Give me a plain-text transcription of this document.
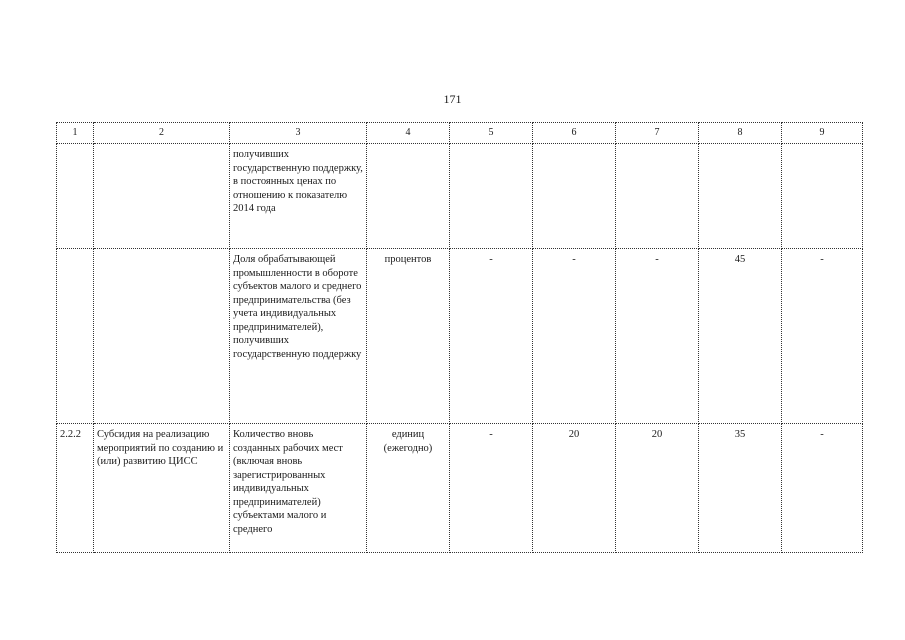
171
1	2	3	4	5	6	7	8	9
		получивших государственную поддержку, в постоянных ценах по отношению к показателю 2014 года						
		Доля обрабатывающей промышленности в обороте субъектов малого и среднего предпринимательства (без учета индивидуальных предпринимателей), получивших государственную поддержку	процентов	-	-	-	45	-
2.2.2	Субсидия на реализацию мероприятий по созданию и (или) развитию ЦИСС	Количество вновь созданных рабочих мест (включая вновь зарегистрированных индивидуальных предпринимателей) субъектами малого и среднего	единиц (ежегодно)	-	20	20	35	-
